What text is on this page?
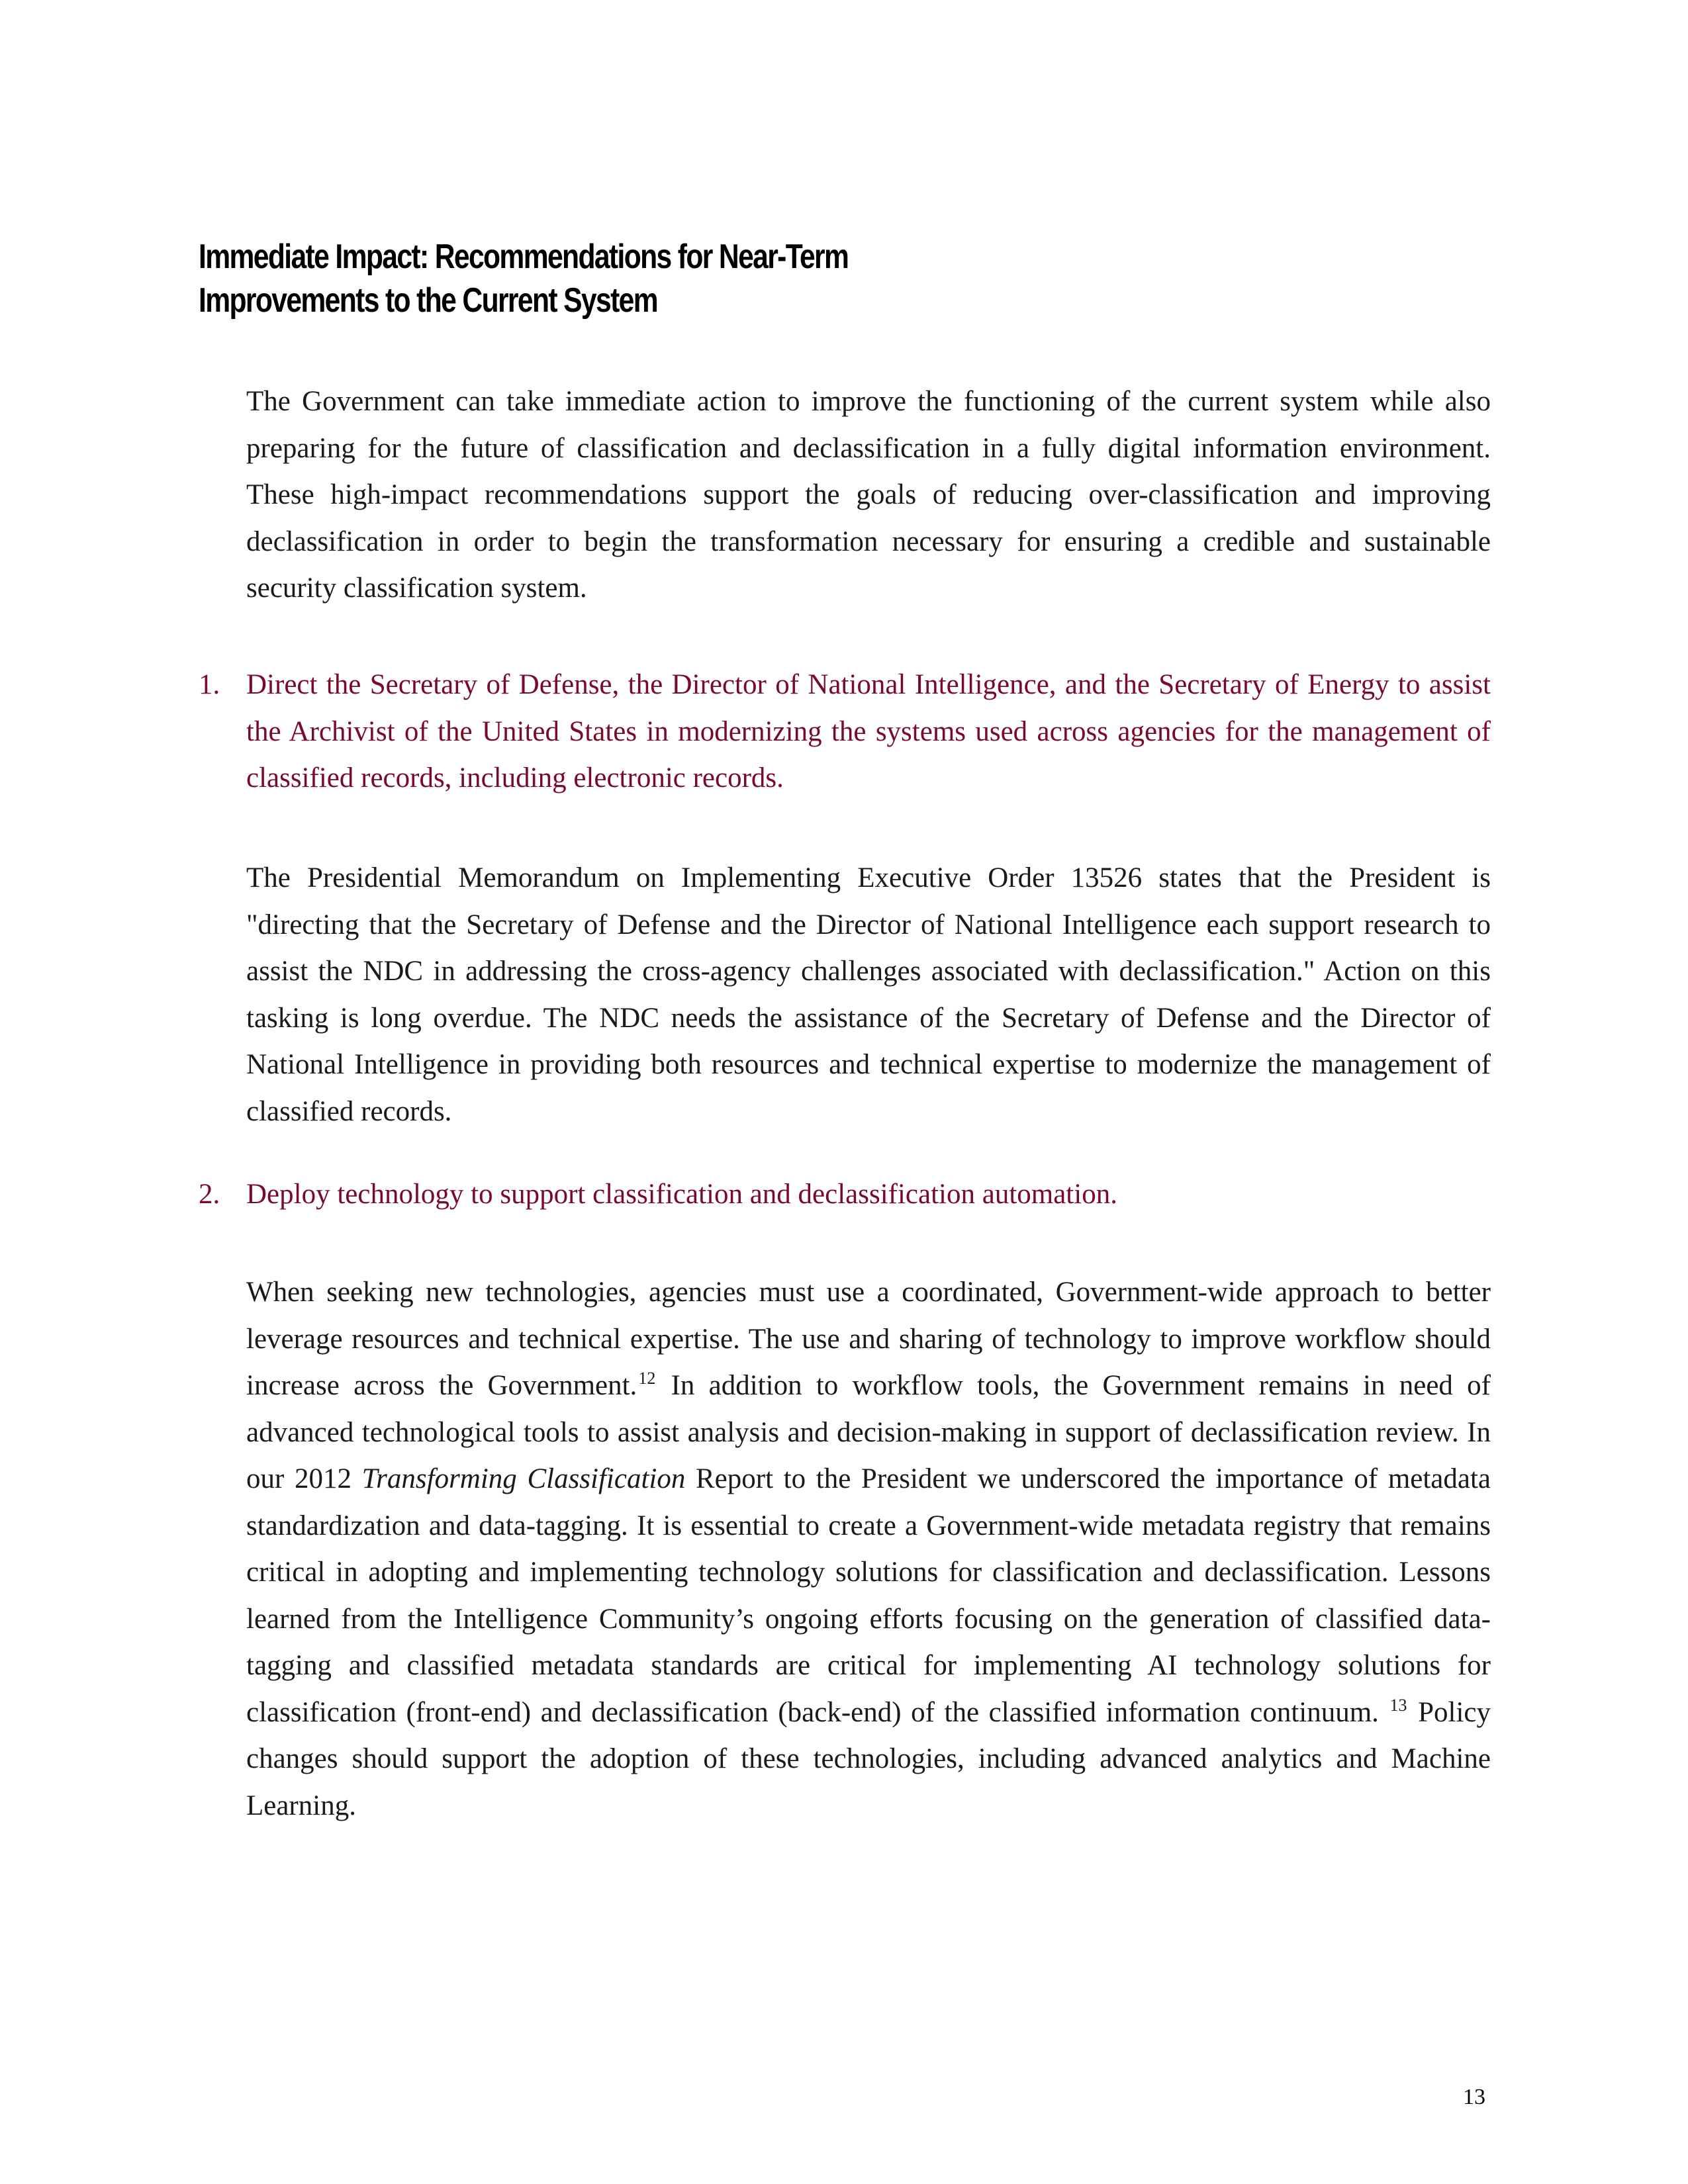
Immediate Impact: Recommendations for Near-Term
Improvements to the Current System

The Government can take immediate action to improve the functioning of the current system while also preparing for the future of classification and declassification in a fully digital information environment. These high-impact recommendations support the goals of reducing over-classification and improving declassification in order to begin the transformation necessary for ensuring a credible and sustainable security classification system.

1. Direct the Secretary of Defense, the Director of National Intelligence, and the Secretary of Energy to assist the Archivist of the United States in modernizing the systems used across agencies for the management of classified records, including electronic records.

The Presidential Memorandum on Implementing Executive Order 13526 states that the President is "directing that the Secretary of Defense and the Director of National Intelligence each support research to assist the NDC in addressing the cross-agency challenges associated with declassification." Action on this tasking is long overdue. The NDC needs the assistance of the Secretary of Defense and the Director of National Intelligence in providing both resources and technical expertise to modernize the management of classified records.

2. Deploy technology to support classification and declassification automation.

When seeking new technologies, agencies must use a coordinated, Government-wide approach to better leverage resources and technical expertise. The use and sharing of technology to improve workflow should increase across the Government.$^{12}$ In addition to workflow tools, the Government remains in need of advanced technological tools to assist analysis and decision-making in support of declassification review. In our 2012 Transforming Classification Report to the President we underscored the importance of metadata standardization and data-tagging. It is essential to create a Government-wide metadata registry that remains critical in adopting and implementing technology solutions for classification and declassification. Lessons learned from the Intelligence Community’s ongoing efforts focusing on the generation of classified data-tagging and classified metadata standards are critical for implementing AI technology solutions for classification (front-end) and declassification (back-end) of the classified information continuum. $^{13}$ Policy changes should support the adoption of these technologies, including advanced analytics and Machine Learning.

13
